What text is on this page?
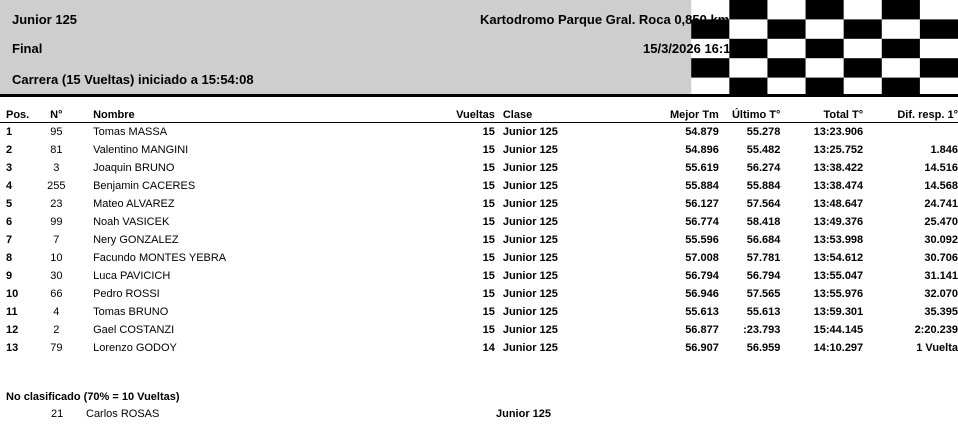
Junior 125	Kartodromo Parque Gral. Roca 0,850 km
Final	15/3/2026 16:10
Carrera (15 Vueltas) iniciado a 15:54:08
Pos.	N°	Nombre	Vueltas	Clase	Mejor Tm	Último T°	Total T°	Dif. resp. 1°
1	95	Tomas MASSA	15	Junior 125	54.879	55.278	13:23.906	
2	81	Valentino MANGINI	15	Junior 125	54.896	55.482	13:25.752	1.846
3	3	Joaquin BRUNO	15	Junior 125	55.619	56.274	13:38.422	14.516
4	255	Benjamin CACERES	15	Junior 125	55.884	55.884	13:38.474	14.568
5	23	Mateo ALVAREZ	15	Junior 125	56.127	57.564	13:48.647	24.741
6	99	Noah VASICEK	15	Junior 125	56.774	58.418	13:49.376	25.470
7	7	Nery GONZALEZ	15	Junior 125	55.596	56.684	13:53.998	30.092
8	10	Facundo MONTES YEBRA	15	Junior 125	57.008	57.781	13:54.612	30.706
9	30	Luca PAVICICH	15	Junior 125	56.794	56.794	13:55.047	31.141
10	66	Pedro ROSSI	15	Junior 125	56.946	57.565	13:55.976	32.070
11	4	Tomas BRUNO	15	Junior 125	55.613	55.613	13:59.301	35.395
12	2	Gael COSTANZI	15	Junior 125	56.877	:23.793	15:44.145	2:20.239
13	79	Lorenzo GODOY	14	Junior 125	56.907	56.959	14:10.297	1 Vuelta
No clasificado (70% = 10 Vueltas)
21 Carlos ROSAS	Junior 125
